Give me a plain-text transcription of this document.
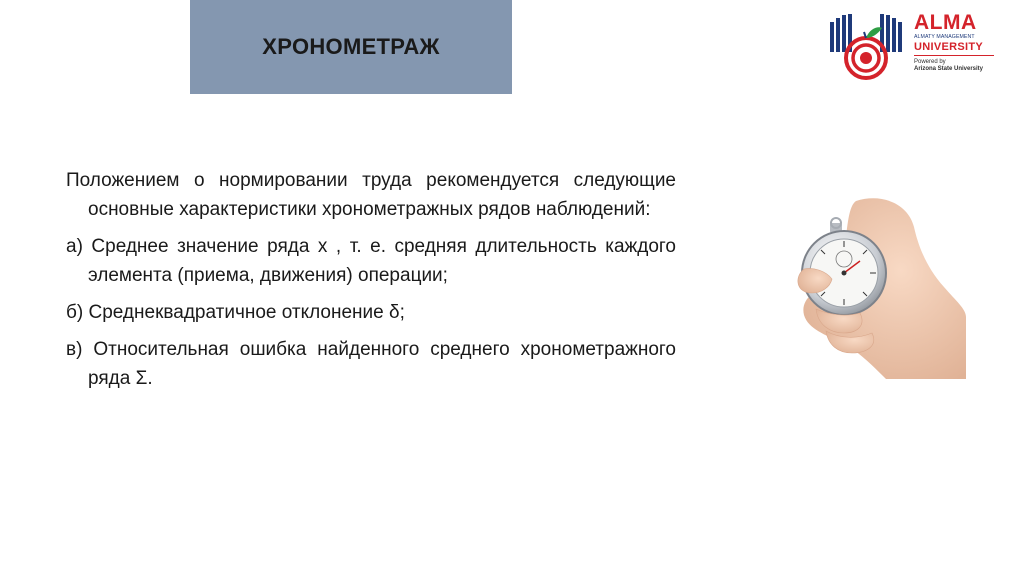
ХРОНОМЕТРАЖ
ALMA
ALMATY MANAGEMENT
UNIVERSITY
Powered by
Arizona State University

Положением о нормировании труда рекомендуется следующие основные характеристики хронометражных рядов наблюдений:

а) Среднее значение ряда х , т. е. средняя длительность каждого элемента (приема, движения) операции;

б) Среднеквадратичное отклонение δ;

в) Относительная ошибка найденного среднего хронометражного ряда Σ.
